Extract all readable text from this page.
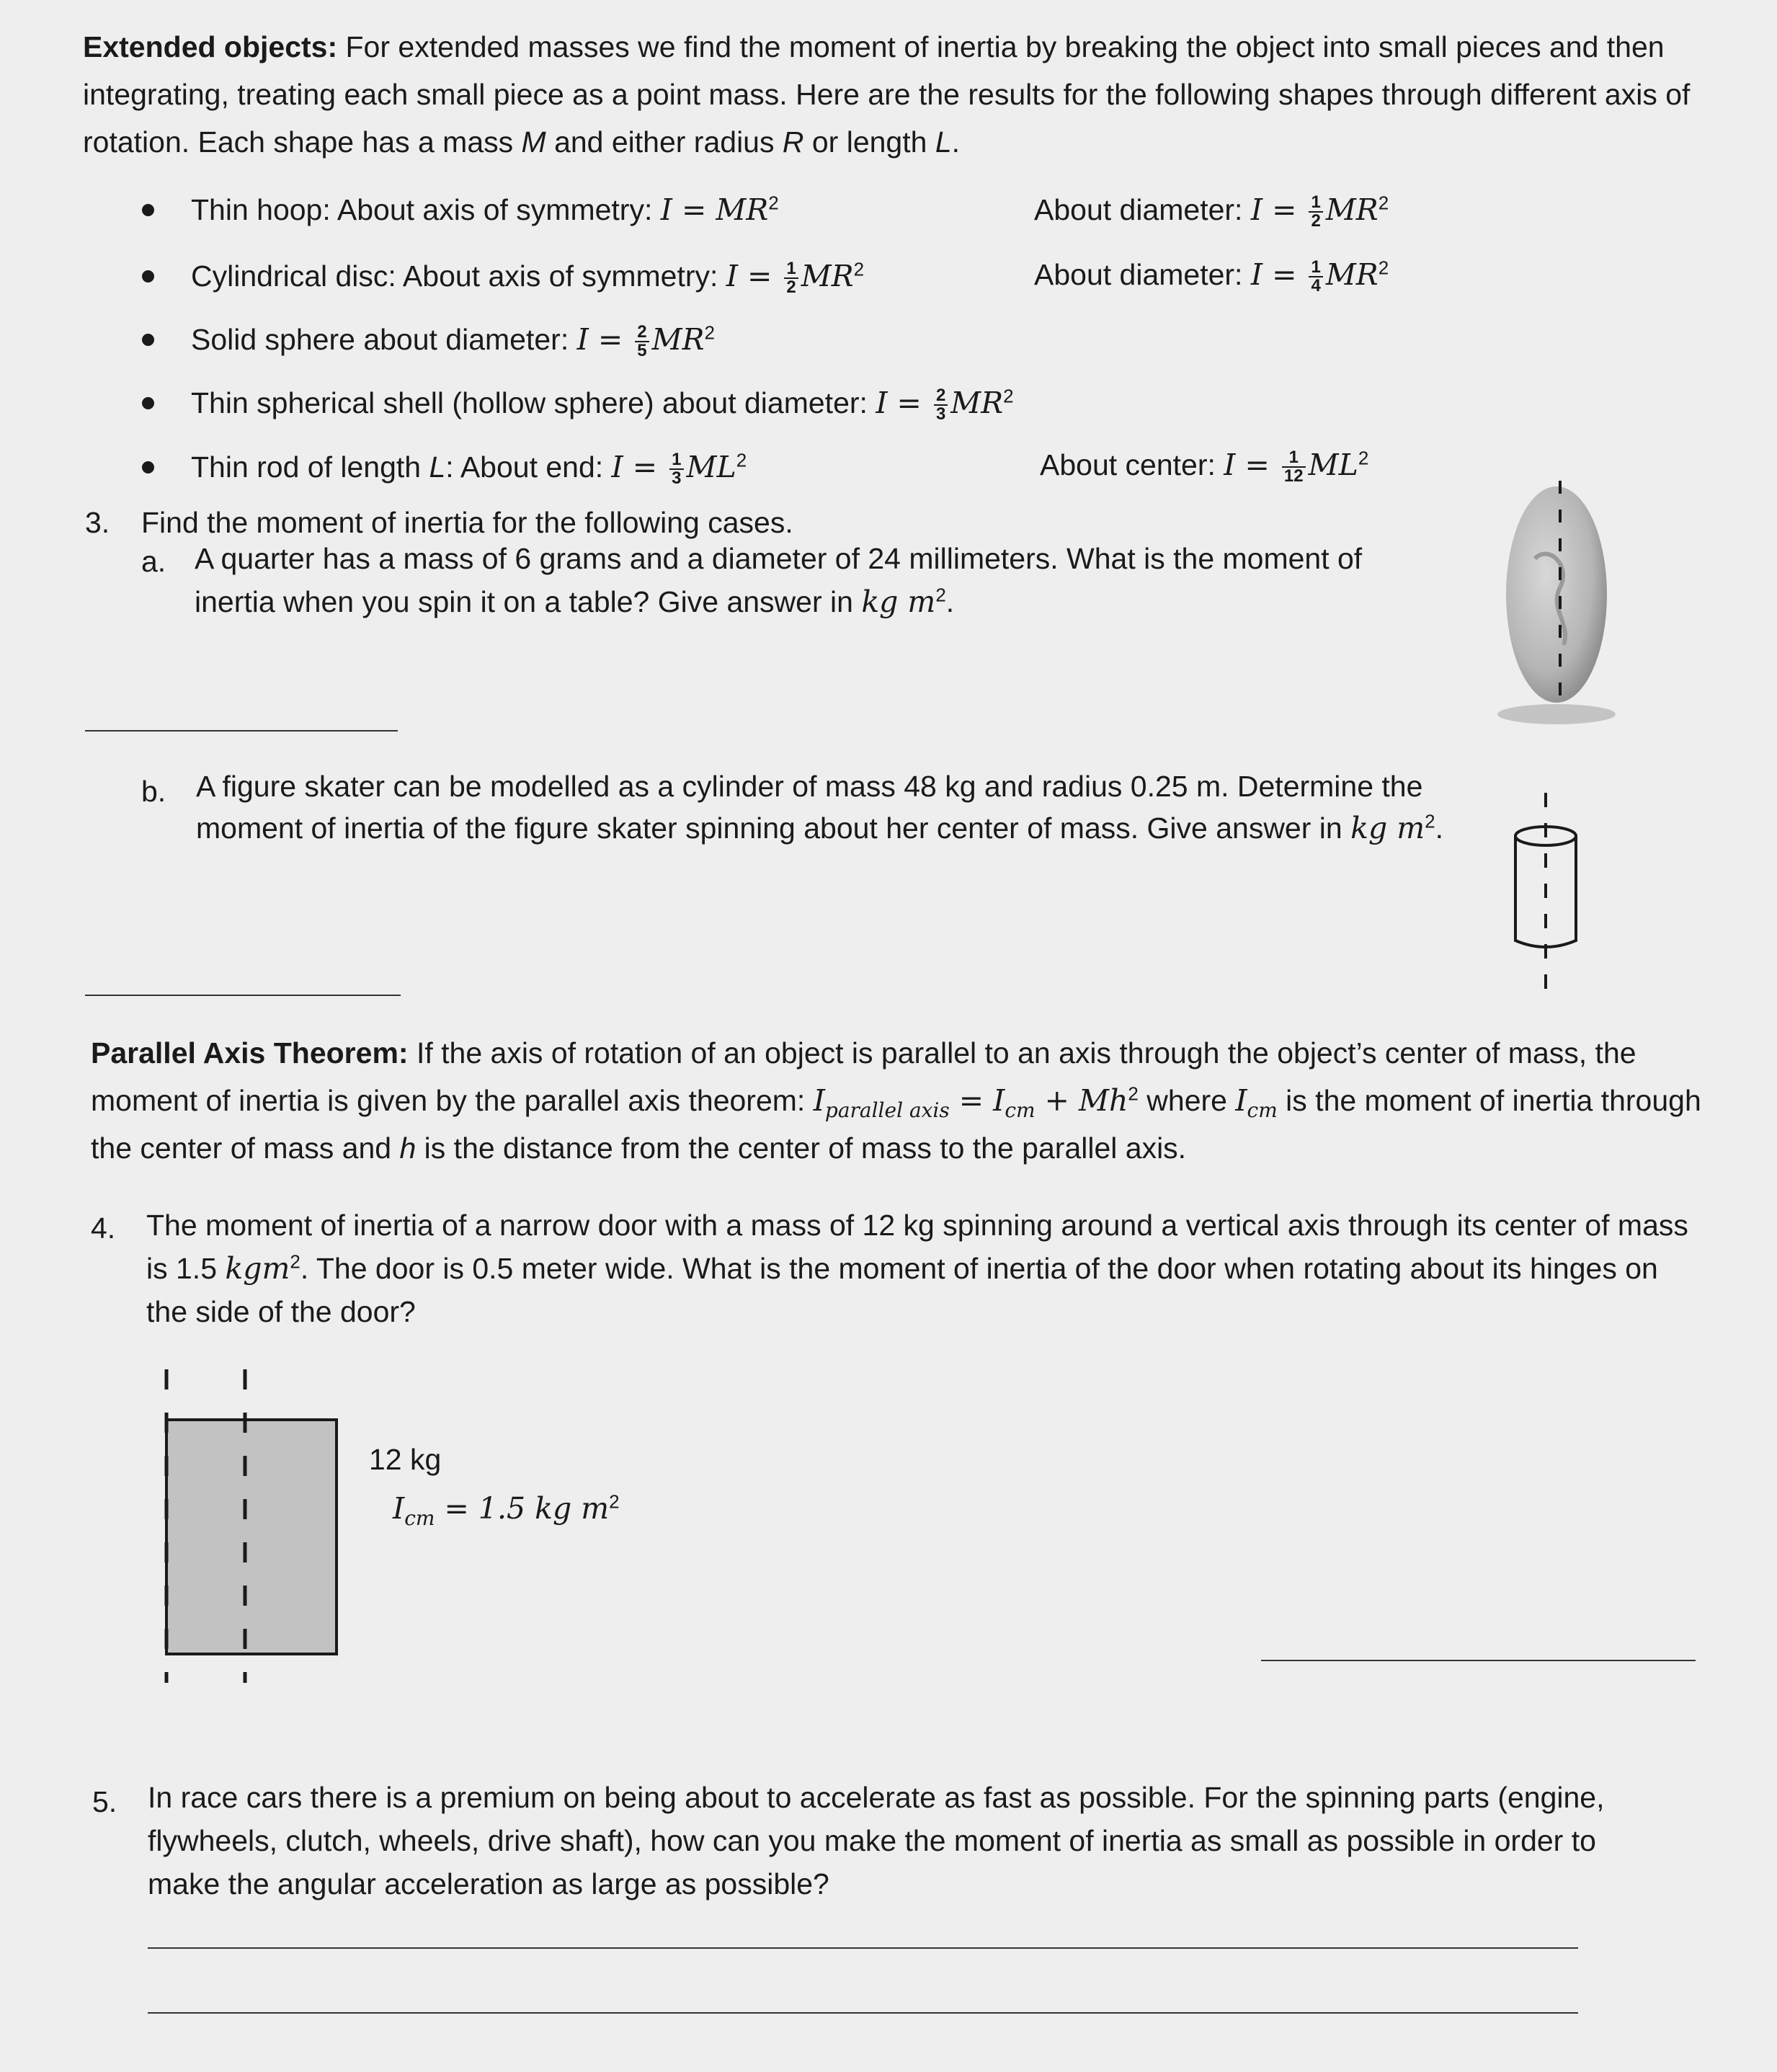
Extended objects: For extended masses we find the moment of inertia by breaking the object into small pieces and then integrating, treating each small piece as a point mass. Here are the results for the following shapes through different axis of rotation. Each shape has a mass M and either radius R or length L.
Thin hoop: About axis of symmetry: $I = MR^2$	About diameter: $I = \frac{1}{2} MR^2$
Cylindrical disc: About axis of symmetry: $I = \frac{1}{2} MR^2$	About diameter: $I = \frac{1}{4} MR^2$
Solid sphere about diameter: $I = \frac{2}{5} MR^2$
Thin spherical shell (hollow sphere) about diameter: $I = \frac{2}{3} MR^2$
Thin rod of length L: About end: $I = \frac{1}{3} ML^2$	About center: $I = \frac{1}{12} ML^2$
3. Find the moment of inertia for the following cases.
a. A quarter has a mass of 6 grams and a diameter of 24 millimeters. What is the moment of inertia when you spin it on a table? Give answer in kg $m^2$.
b. A figure skater can be modelled as a cylinder of mass 48 kg and radius 0.25 m. Determine the moment of inertia of the figure skater spinning about her center of mass. Give answer in kg $m^2$.
Parallel Axis Theorem: If the axis of rotation of an object is parallel to an axis through the object’s center of mass, the moment of inertia is given by the parallel axis theorem: $I_{parallel axis} = I_{cm} + Mh^2$ where $I_{cm}$ is the moment of inertia through the center of mass and h is the distance from the center of mass to the parallel axis.
4. The moment of inertia of a narrow door with a mass of 12 kg spinning around a vertical axis through its center of mass is 1.5 kgm$^2$. The door is 0.5 meter wide. What is the moment of inertia of the door when rotating about its hinges on the side of the door?
12 kg
$I_{cm} = 1.5$ kg $m^2$
5. In race cars there is a premium on being about to accelerate as fast as possible. For the spinning parts (engine, flywheels, clutch, wheels, drive shaft), how can you make the moment of inertia as small as possible in order to make the angular acceleration as large as possible?
